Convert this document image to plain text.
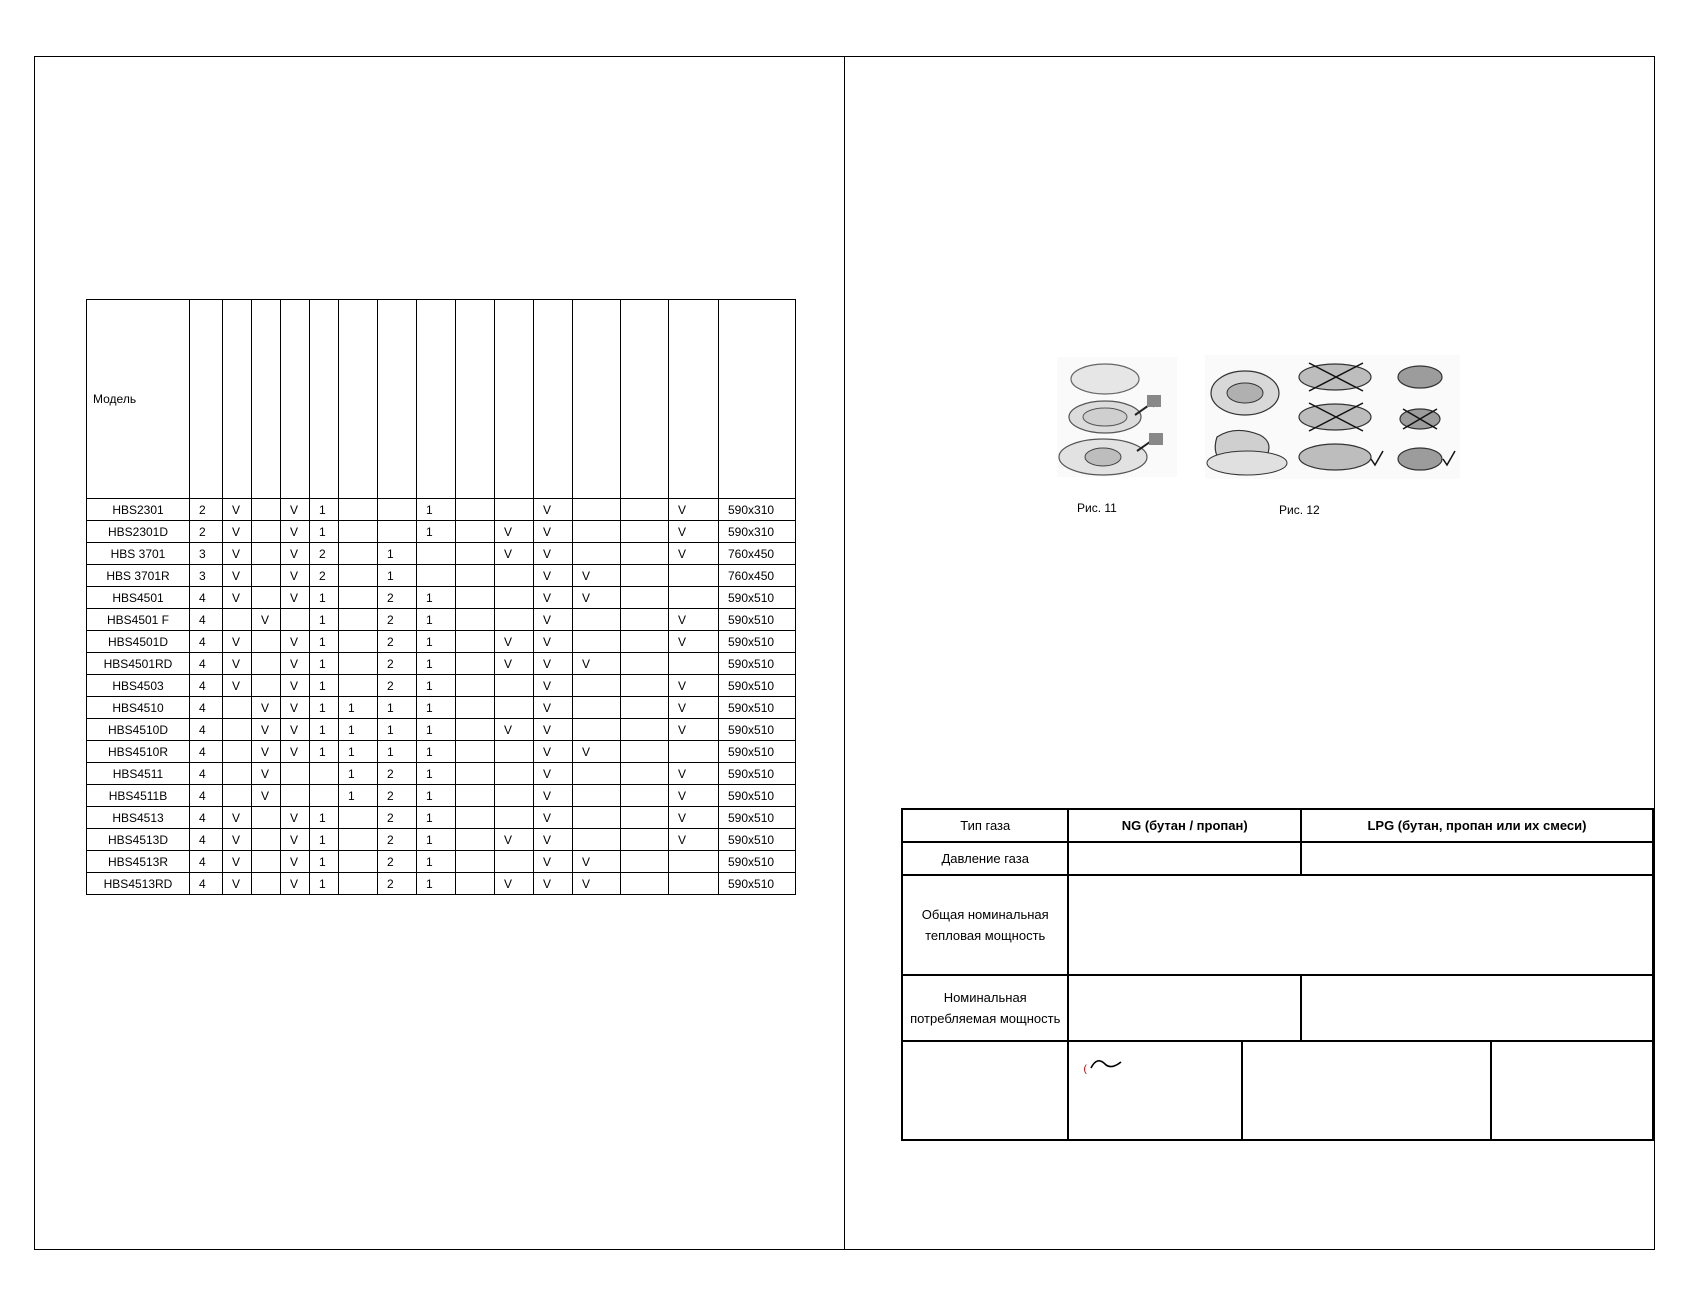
Модель															
HBS2301	2	V		V	1			1			V			V	590x310
HBS2301D	2	V		V	1			1		V	V			V	590x310
HBS 3701	3	V		V	2		1			V	V			V	760x450
HBS 3701R	3	V		V	2		1				V	V			760x450
HBS4501	4	V		V	1		2	1			V	V			590x510
HBS4501 F	4		V		1		2	1			V			V	590x510
HBS4501D	4	V		V	1		2	1		V	V			V	590x510
HBS4501RD	4	V		V	1		2	1		V	V	V			590x510
HBS4503	4	V		V	1		2	1			V			V	590x510
HBS4510	4		V	V	1	1	1	1			V			V	590x510
HBS4510D	4		V	V	1	1	1	1		V	V			V	590x510
HBS4510R	4		V	V	1	1	1	1			V	V			590x510
HBS4511	4		V			1	2	1			V			V	590x510
HBS4511B	4		V			1	2	1			V			V	590x510
HBS4513	4	V		V	1		2	1			V			V	590x510
HBS4513D	4	V		V	1		2	1		V	V			V	590x510
HBS4513R	4	V		V	1		2	1			V	V			590x510
HBS4513RD	4	V		V	1		2	1		V	V	V			590x510
Рис. 11	Рис. 12
Тип газа	NG (бутан / пропан)		LPG (бутан, пропан или их смеси)	
Давление газа				
Общая номинальная тепловая мощность				
Номинальная потребляемая мощность				
	(			
